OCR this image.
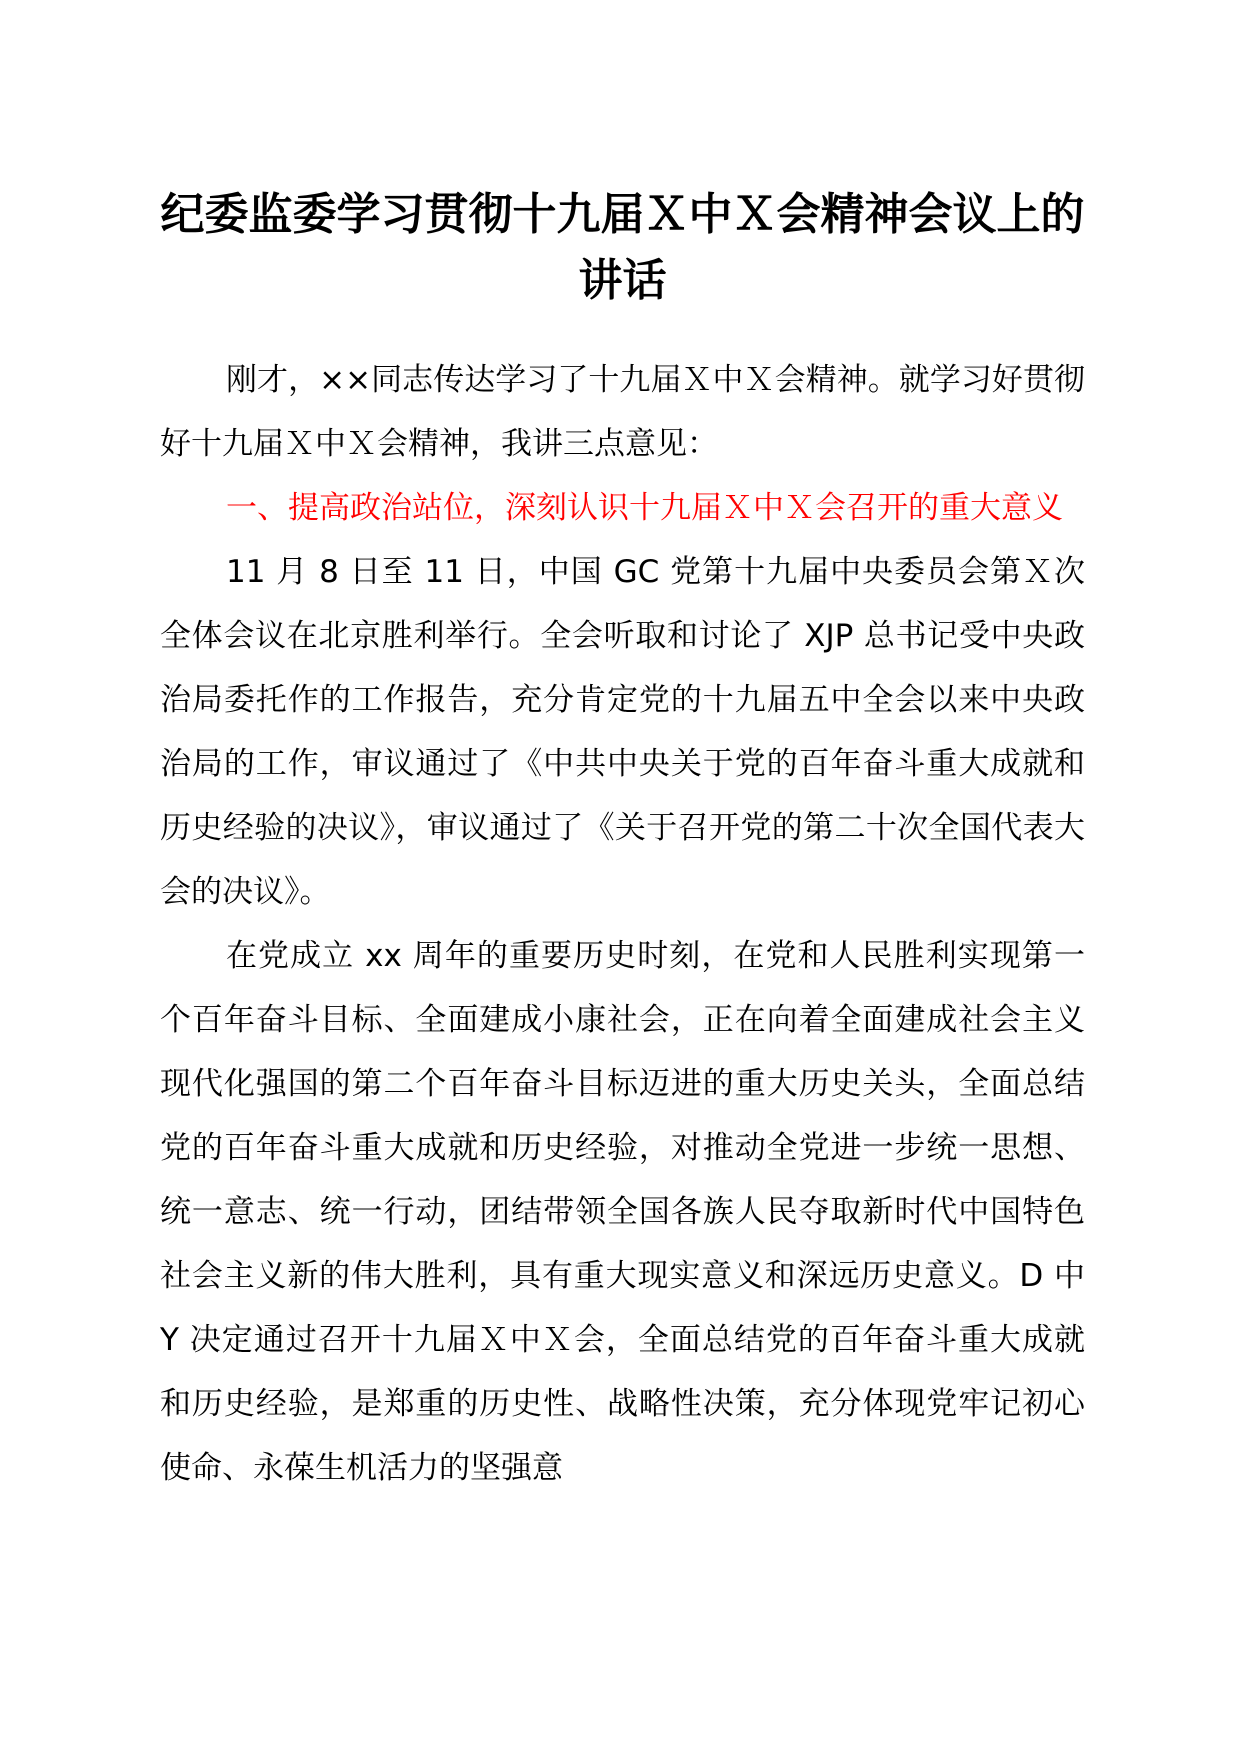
纪委监委学习贯彻十九届Ｘ中Ｘ会精神会议上的讲话

刚才，××同志传达学习了十九届Ｘ中Ｘ会精神。就学习好贯彻好十九届Ｘ中Ｘ会精神，我讲三点意见：

一、提高政治站位，深刻认识十九届Ｘ中Ｘ会召开的重大意义

11 月 8 日至 11 日，中国 GC 党第十九届中央委员会第Ｘ次全体会议在北京胜利举行。全会听取和讨论了 XJP 总书记受中央政治局委托作的工作报告，充分肯定党的十九届五中全会以来中央政治局的工作，审议通过了《中共中央关于党的百年奋斗重大成就和历史经验的决议》，审议通过了《关于召开党的第二十次全国代表大会的决议》。

在党成立 xx 周年的重要历史时刻，在党和人民胜利实现第一个百年奋斗目标、全面建成小康社会，正在向着全面建成社会主义现代化强国的第二个百年奋斗目标迈进的重大历史关头，全面总结党的百年奋斗重大成就和历史经验，对推动全党进一步统一思想、统一意志、统一行动，团结带领全国各族人民夺取新时代中国特色社会主义新的伟大胜利，具有重大现实意义和深远历史意义。D 中 Y 决定通过召开十九届Ｘ中Ｘ会，全面总结党的百年奋斗重大成就和历史经验，是郑重的历史性、战略性决策，充分体现党牢记初心使命、永葆生机活力的坚强意
